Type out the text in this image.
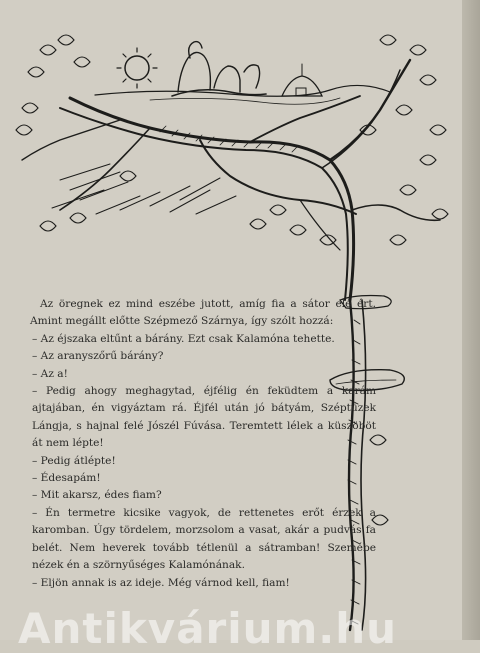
Az öregnek ez mind eszébe jutott, amíg fia a sátor elé ért. Amint megállt előtte Szépmező Szárnya, így szólt hozzá:

– Az éjszaka eltűnt a bárány. Ezt csak Kalamóna tehette.

– Az aranyszőrű bárány?

– Az a!

– Pedig ahogy meghagytad, éjfélig én feküdtem a karám ajtajában, én vigyáztam rá. Éjfél után jó bátyám, Széptüzek Lángja, s hajnal felé Jószél Fúvása. Teremtett lélek a küszöböt át nem lépte!

– Pedig átlépte!

– Édesapám!

– Mit akarsz, édes fiam?

– Én termetre kicsike vagyok, de rettenetes erőt érzek a karomban. Úgy tördelem, morzsolom a vasat, akár a pudvás fa belét. Nem heverek tovább tétlenül a sátramban! Szemébe nézek én a szörnyűséges Kalamónának.

– Eljön annak is az ideje. Még várnod kell, fiam!

Antikvárium.hu
